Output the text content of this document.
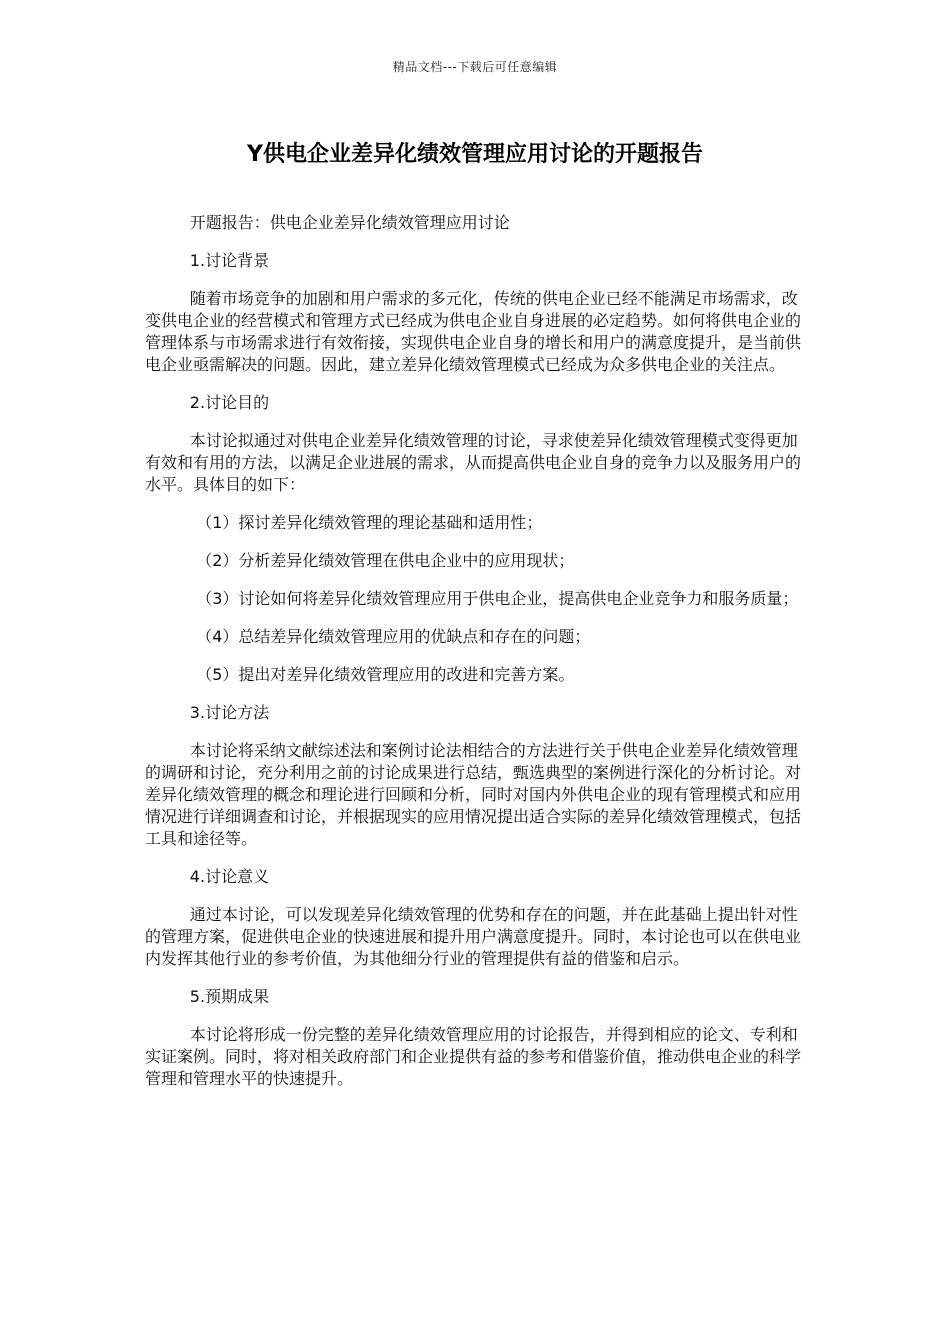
精品文档---下载后可任意编辑
Y供电企业差异化绩效管理应用讨论的开题报告

开题报告：供电企业差异化绩效管理应用讨论

1.讨论背景

随着市场竞争的加剧和用户需求的多元化，传统的供电企业已经不能满足市场需求，改变供电企业的经营模式和管理方式已经成为供电企业自身进展的必定趋势。如何将供电企业的管理体系与市场需求进行有效衔接，实现供电企业自身的增长和用户的满意度提升，是当前供电企业亟需解决的问题。因此，建立差异化绩效管理模式已经成为众多供电企业的关注点。

2.讨论目的

本讨论拟通过对供电企业差异化绩效管理的讨论，寻求使差异化绩效管理模式变得更加有效和有用的方法，以满足企业进展的需求，从而提高供电企业自身的竞争力以及服务用户的水平。具体目的如下：

（1）探讨差异化绩效管理的理论基础和适用性；

（2）分析差异化绩效管理在供电企业中的应用现状；

（3）讨论如何将差异化绩效管理应用于供电企业，提高供电企业竞争力和服务质量；

（4）总结差异化绩效管理应用的优缺点和存在的问题；

（5）提出对差异化绩效管理应用的改进和完善方案。

3.讨论方法

本讨论将采纳文献综述法和案例讨论法相结合的方法进行关于供电企业差异化绩效管理的调研和讨论，充分利用之前的讨论成果进行总结，甄选典型的案例进行深化的分析讨论。对差异化绩效管理的概念和理论进行回顾和分析，同时对国内外供电企业的现有管理模式和应用情况进行详细调查和讨论，并根据现实的应用情况提出适合实际的差异化绩效管理模式，包括工具和途径等。

4.讨论意义

通过本讨论，可以发现差异化绩效管理的优势和存在的问题，并在此基础上提出针对性的管理方案，促进供电企业的快速进展和提升用户满意度提升。同时，本讨论也可以在供电业内发挥其他行业的参考价值，为其他细分行业的管理提供有益的借鉴和启示。

5.预期成果

本讨论将形成一份完整的差异化绩效管理应用的讨论报告，并得到相应的论文、专利和实证案例。同时，将对相关政府部门和企业提供有益的参考和借鉴价值，推动供电企业的科学管理和管理水平的快速提升。
